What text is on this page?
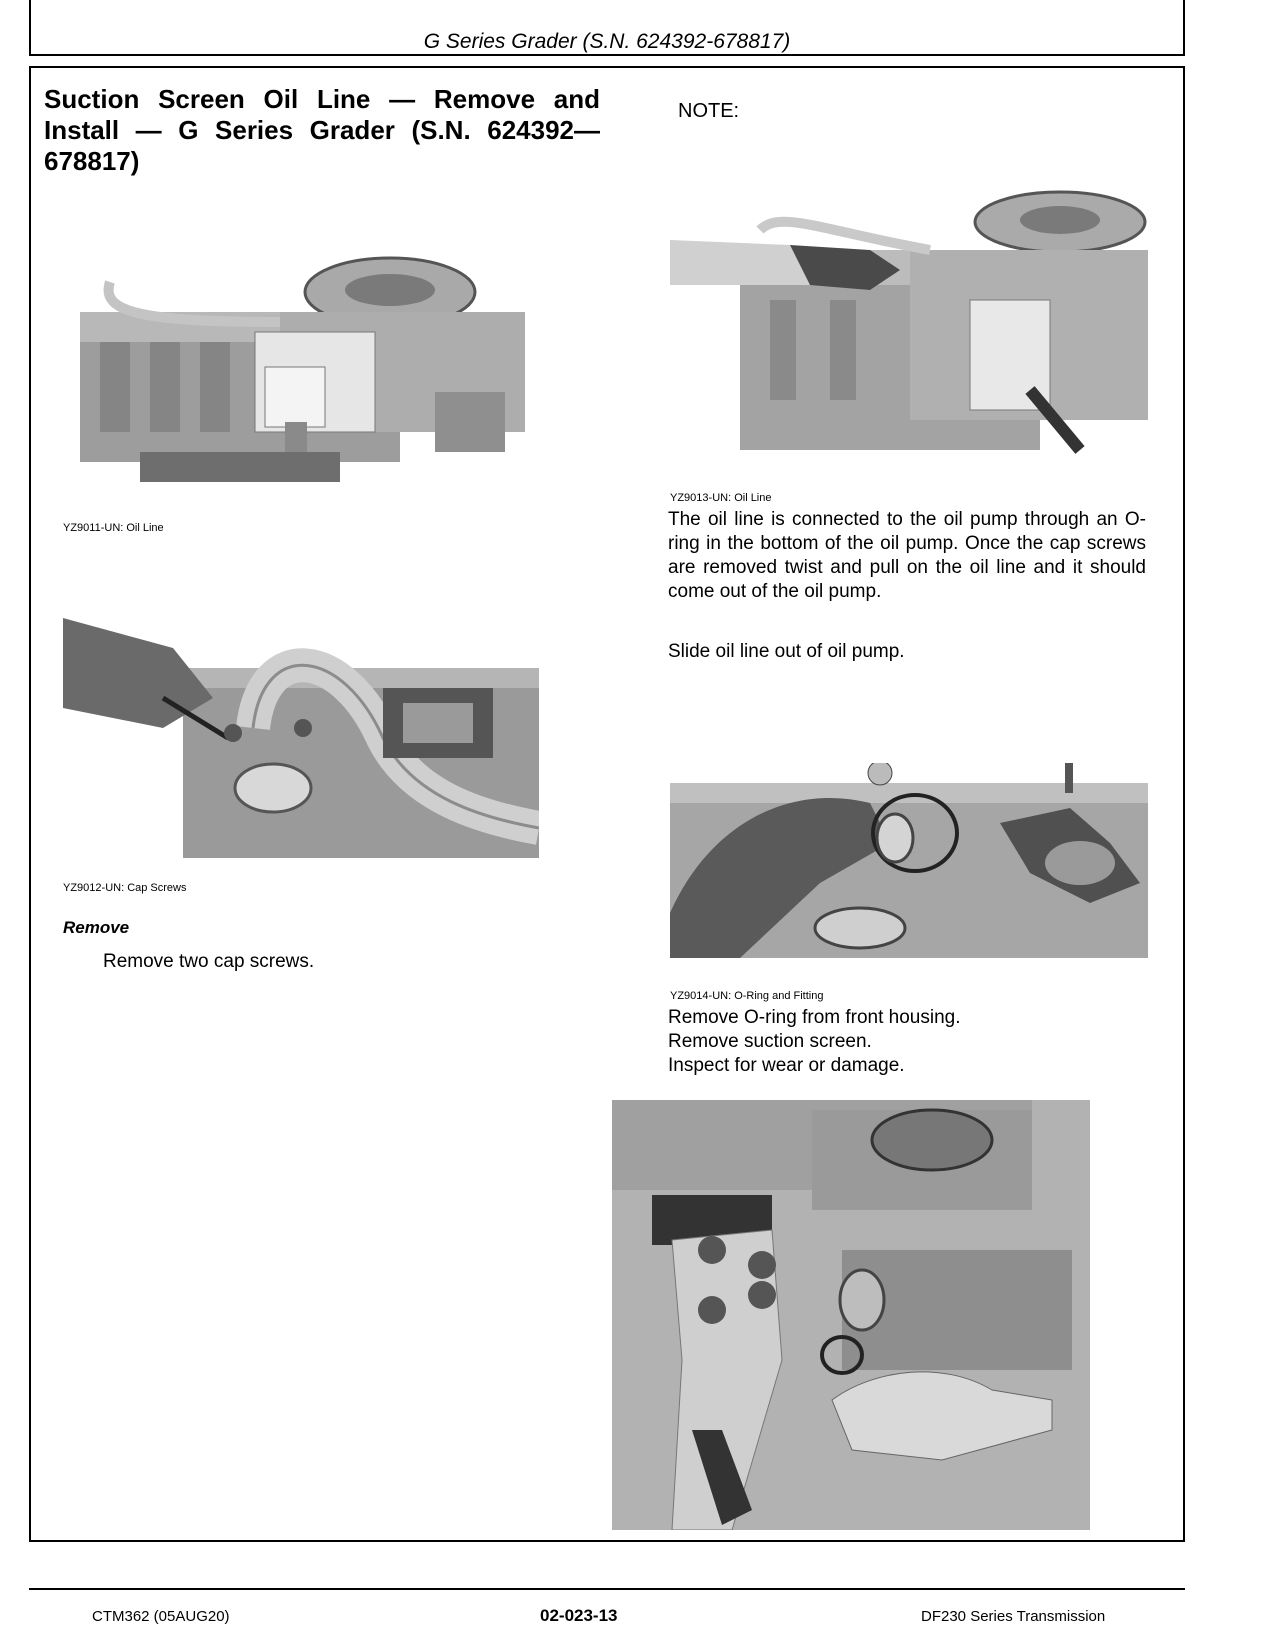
G Series Grader (S.N. 624392-678817)
Suction Screen Oil Line — Remove and Install — G Series Grader (S.N. 624392—678817)
NOTE:
YZ9011-UN: Oil Line
YZ9012-UN: Cap Screws
Remove
Remove two cap screws.
YZ9013-UN: Oil Line
The oil line is connected to the oil pump through an O-ring in the bottom of the oil pump. Once the cap screws are removed twist and pull on the oil line and it should come out of the oil pump.
Slide oil line out of oil pump.
YZ9014-UN: O-Ring and Fitting
Remove O-ring from front housing.
Remove suction screen.
Inspect for wear or damage.
CTM362 (05AUG20)	02-023-13	DF230 Series Transmission
